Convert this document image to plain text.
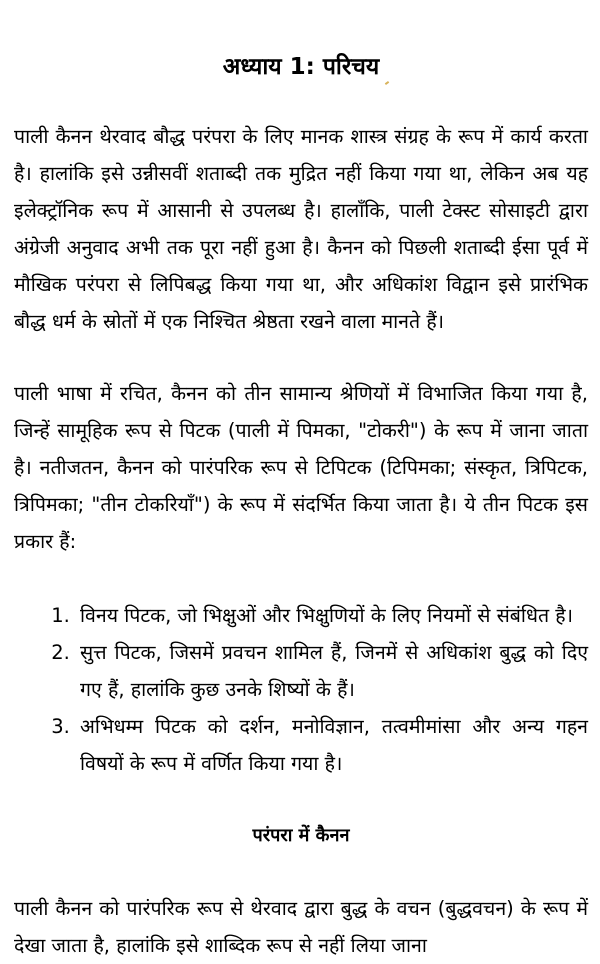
अध्याय 1: परिचय

पाली कैनन थेरवाद बौद्ध परंपरा के लिए मानक शास्त्र संग्रह के रूप में कार्य करता है। हालांकि इसे उन्नीसवीं शताब्दी तक मुद्रित नहीं किया गया था, लेकिन अब यह इलेक्ट्रॉनिक रूप में आसानी से उपलब्ध है। हालाँकि, पाली टेक्स्ट सोसाइटी द्वारा अंग्रेजी अनुवाद अभी तक पूरा नहीं हुआ है। कैनन को पिछली शताब्दी ईसा पूर्व में मौखिक परंपरा से लिपिबद्ध किया गया था, और अधिकांश विद्वान इसे प्रारंभिक बौद्ध धर्म के स्रोतों में एक निश्चित श्रेष्ठता रखने वाला मानते हैं।

पाली भाषा में रचित, कैनन को तीन सामान्य श्रेणियों में विभाजित किया गया है, जिन्हें सामूहिक रूप से पिटक (पाली में पिमका, "टोकरी") के रूप में जाना जाता है। नतीजतन, कैनन को पारंपरिक रूप से टिपिटक (टिपिमका; संस्कृत, त्रिपिटक, त्रिपिमका; "तीन टोकरियाँ") के रूप में संदर्भित किया जाता है। ये तीन पिटक इस प्रकार हैं:

1. विनय पिटक, जो भिक्षुओं और भिक्षुणियों के लिए नियमों से संबंधित है।
2. सुत्त पिटक, जिसमें प्रवचन शामिल हैं, जिनमें से अधिकांश बुद्ध को दिए गए हैं, हालांकि कुछ उनके शिष्यों के हैं।
3. अभिधम्म पिटक को दर्शन, मनोविज्ञान, तत्वमीमांसा और अन्य गहन विषयों के रूप में वर्णित किया गया है।
परंपरा में कैनन

पाली कैनन को पारंपरिक रूप से थेरवाद द्वारा बुद्ध के वचन (बुद्धवचन) के रूप में देखा जाता है, हालांकि इसे शाब्दिक रूप से नहीं लिया जाना
